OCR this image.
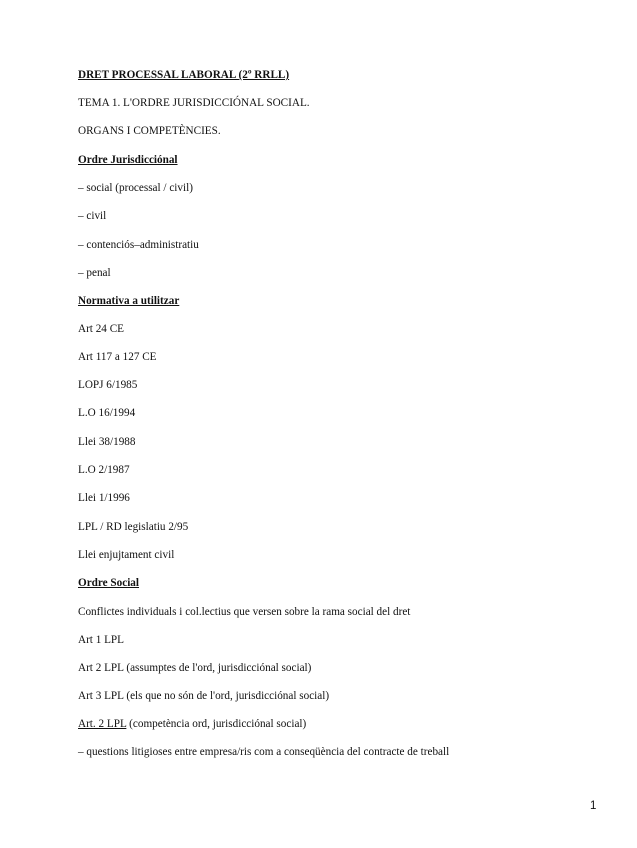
DRET PROCESSAL LABORAL (2º RRLL)
TEMA 1. L'ORDRE JURISDICCIÓNAL SOCIAL.
ORGANS I COMPETÈNCIES.
Ordre Jurisdicciónal
– social (processal / civil)
– civil
– contenciós–administratiu
– penal
Normativa a utilitzar
Art 24 CE
Art 117 a 127 CE
LOPJ 6/1985
L.O 16/1994
Llei 38/1988
L.O 2/1987
Llei 1/1996
LPL / RD legislatiu 2/95
Llei enjujtament civil
Ordre Social
Conflictes individuals i col.lectius que versen sobre la rama social del dret
Art 1 LPL
Art 2 LPL (assumptes de l'ord, jurisdicciónal social)
Art 3 LPL (els que no són de l'ord, jurisdicciónal social)
Art. 2 LPL (competència ord, jurisdicciónal social)
– questions litigioses entre empresa/ris com a conseqüència del contracte de treball
1
